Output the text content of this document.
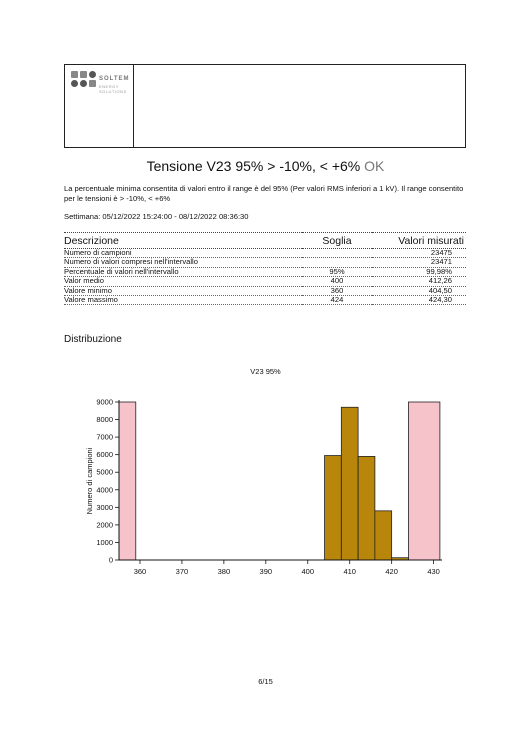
SOLTEM
ENERGY SOLUTIONS
Tensione V23 95% > -10%, < +6% OK
La percentuale minima consentita di valori entro il range è del 95% (Per valori RMS inferiori a 1 kV). Il range consentito per le tensioni è > -10%, < +6%
Settimana: 05/12/2022 15:24:00 - 08/12/2022 08:36:30
Descrizione	Soglia	Valori misurati
Numero di campioni		23475
Numero di valori compresi nell'intervallo		23471
Percentuale di valori nell'intervallo	95%	99,98%
Valor medio	400	412,26
Valore minimo	360	404,50
Valore massimo	424	424,30
Distribuzione
V23 95%
0
1000
2000
3000
4000
5000
6000
7000
8000
9000
360	370	380	390	400	410	420	430
Numero di campioni
6/15
